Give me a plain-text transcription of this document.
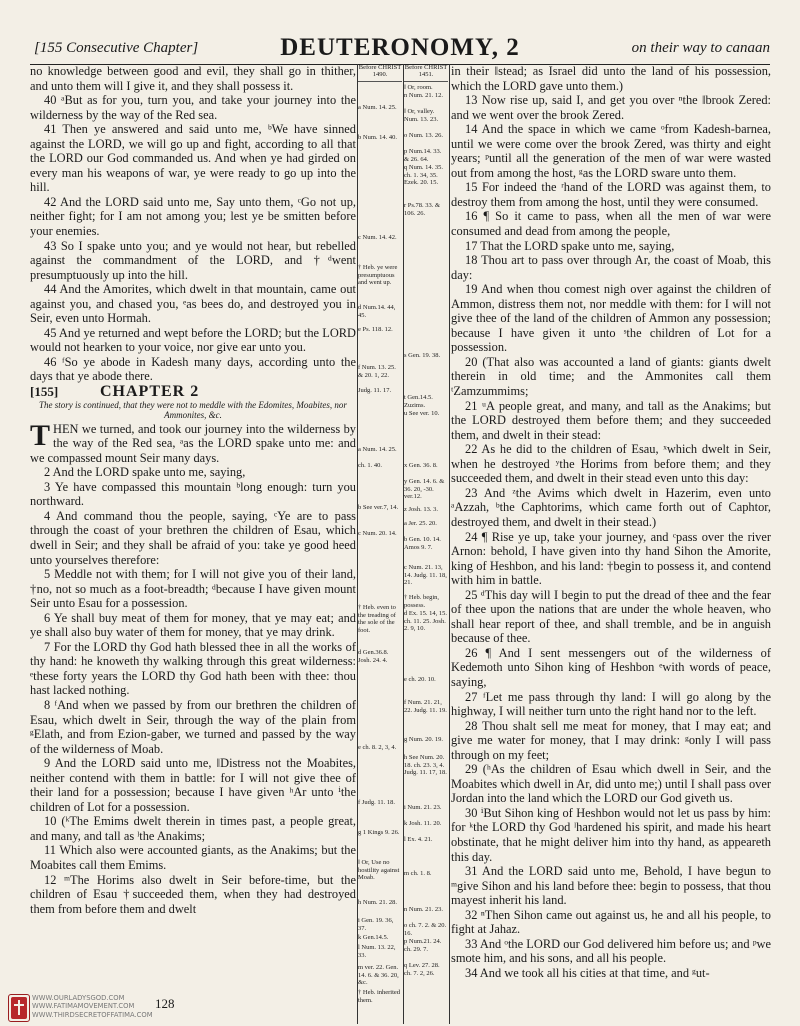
[155 Consecutive Chapter]	DEUTERONOMY, 2	on their way to canaan

no knowledge between good and evil, they shall go in thither, and unto them will I give it, and they shall possess it.

40 ᵃBut as for you, turn you, and take your journey into the wilderness by the way of the Red sea.

41 Then ye answered and said unto me, ᵇWe have sinned against the LORD, we will go up and fight, according to all that the LORD our God commanded us. And when ye had girded on every man his weapons of war, ye were ready to go up into the hill.

42 And the LORD said unto me, Say unto them, ᶜGo not up, neither fight; for I am not among you; lest ye be smitten before your enemies.

43 So I spake unto you; and ye would not hear, but rebelled against the commandment of the LORD, and †ᵈwent presumptuously up into the hill.

44 And the Amorites, which dwelt in that mountain, came out against you, and chased you, ᵉas bees do, and destroyed you in Seir, even unto Hormah.

45 And ye returned and wept before the LORD; but the LORD would not hearken to your voice, nor give ear unto you.

46 ᶠSo ye abode in Kadesh many days, according unto the days that ye abode there.

[155]	CHAPTER 2
The story is continued, that they were not to meddle with the Edomites, Moabites, nor Ammonites, &c.

THEN we turned, and took our journey into the wilderness by the way of the Red sea, ᵃas the LORD spake unto me: and we compassed mount Seir many days.

2 And the LORD spake unto me, saying,

3 Ye have compassed this mountain ᵇlong enough: turn you northward.

4 And command thou the people, saying, ᶜYe are to pass through the coast of your brethren the children of Esau, which dwell in Seir; and they shall be afraid of you: take ye good heed unto yourselves therefore:

5 Meddle not with them; for I will not give you of their land, †no, not so much as a foot-breadth; ᵈbecause I have given mount Seir unto Esau for a possession.

6 Ye shall buy meat of them for money, that ye may eat; and ye shall also buy water of them for money, that ye may drink.

7 For the LORD thy God hath blessed thee in all the works of thy hand: he knoweth thy walking through this great wilderness: ᵉthese forty years the LORD thy God hath been with thee: thou hast lacked nothing.

8 ᶠAnd when we passed by from our brethren the children of Esau, which dwelt in Seir, through the way of the plain from ᵍElath, and from Ezion-gaber, we turned and passed by the way of the wilderness of Moab.

9 And the LORD said unto me, ‖Distress not the Moabites, neither contend with them in battle: for I will not give thee of their land for a possession; because I have given ʰAr unto ⁱthe children of Lot for a possession.

10 (ᵏThe Emims dwelt therein in times past, a people great, and many, and tall as ˡthe Anakims;

11 Which also were accounted giants, as the Anakims; but the Moabites call them Emims.

12 ᵐThe Horims also dwelt in Seir before-time, but the children of Esau †succeeded them, when they had destroyed them from before them and dwelt

Before CHRIST 1490.
a Num. 14. 25.
b Num. 14. 40.
c Num. 14. 42.
† Heb. ye were presumptuous and went up.
d Num.14. 44, 45.
e Ps. 118. 12.
f Num. 13. 25. & 20. 1, 22.
Judg. 11. 17.
a Num. 14. 25.
ch. 1. 40.
b See ver.7, 14.
c Num. 20. 14.
† Heb. even to the treading of the sole of the foot.
d Gen.36.8. Josh. 24. 4.
e ch. 8. 2, 3, 4.
f Judg. 11. 18.
g 1 Kings 9. 26.
‖ Or, Use no hostility against Moab.
h Num. 21. 28.
i Gen. 19. 36, 37.
k Gen.14.5.
l Num. 13. 22, 33.
m ver. 22. Gen. 14. 6. & 36. 20, &c.
† Heb. inherited them.
Before CHRIST 1451.
‖ Or, room.
n Num. 21. 12.
‖ Or, valley.
Num. 13. 23.
o Num. 13. 26.
p Num.14. 33. & 26. 64.
q Num. 14. 35. ch. 1. 34, 35. Ezek. 20. 15.
r Ps.78. 33. & 106. 26.
s Gen. 19. 38.
t Gen.14.5. Zuzims.
u See ver. 10.
x Gen. 36. 8.
y Gen. 14. 6. & 36. 20, -30. ver.12.
z Josh. 13. 3.
a Jer. 25. 20.
b Gen. 10. 14. Amos 9. 7.
c Num. 21. 13, 14. Judg. 11. 18, 21.
† Heb. begin, possess.
d Ex. 15. 14, 15. ch. 11. 25. Josh. 2. 9, 10.
e ch. 20. 10.
f Num. 21. 21, 22. Judg. 11. 19.
g Num. 20. 19.
h See Num. 20. 18. ch. 23. 3, 4. Judg. 11. 17, 18.
i Num. 21. 23.
k Josh. 11. 20.
l Ex. 4. 21.
m ch. 1. 8.
n Num. 21. 23.
o ch. 7. 2. & 20. 16.
p Num.21. 24. ch. 29. 7.
q Lev. 27. 28. ch. 7. 2, 26.

in their ‖stead; as Israel did unto the land of his possession, which the LORD gave unto them.)

13 Now rise up, said I, and get you over ⁿthe ‖brook Zered: and we went over the brook Zered.

14 And the space in which we came ᵒfrom Kadesh-barnea, until we were come over the brook Zered, was thirty and eight years; ᵖuntil all the generation of the men of war were wasted out from among the host, ᵍas the LORD sware unto them.

15 For indeed the ʳhand of the LORD was against them, to destroy them from among the host, until they were consumed.

16 ¶ So it came to pass, when all the men of war were consumed and dead from among the people,

17 That the LORD spake unto me, saying,

18 Thou art to pass over through Ar, the coast of Moab, this day:

19 And when thou comest nigh over against the children of Ammon, distress them not, nor meddle with them: for I will not give thee of the land of the children of Ammon any possession; because I have given it unto ˢthe children of Lot for a possession.

20 (That also was accounted a land of giants: giants dwelt therein in old time; and the Ammonites call them ᵗZamzummims;

21 ᵘA people great, and many, and tall as the Anakims; but the LORD destroyed them before them; and they succeeded them, and dwelt in their stead:

22 As he did to the children of Esau, ˣwhich dwelt in Seir, when he destroyed ʸthe Horims from before them; and they succeeded them, and dwelt in their stead even unto this day:

23 And ᶻthe Avims which dwelt in Hazerim, even unto ᵃAzzah, ᵇthe Caphtorims, which came forth out of Caphtor, destroyed them, and dwelt in their stead.)

24 ¶ Rise ye up, take your journey, and ᶜpass over the river Arnon: behold, I have given into thy hand Sihon the Amorite, king of Heshbon, and his land: †begin to possess it, and contend with him in battle.

25 ᵈThis day will I begin to put the dread of thee and the fear of thee upon the nations that are under the whole heaven, who shall hear report of thee, and shall tremble, and be in anguish because of thee.

26 ¶ And I sent messengers out of the wilderness of Kedemoth unto Sihon king of Heshbon ᵉwith words of peace, saying,

27 ᶠLet me pass through thy land: I will go along by the highway, I will neither turn unto the right hand nor to the left.

28 Thou shalt sell me meat for money, that I may eat; and give me water for money, that I may drink: ᵍonly I will pass through on my feet;

29 (ʰAs the children of Esau which dwell in Seir, and the Moabites which dwell in Ar, did unto me;) until I shall pass over Jordan into the land which the LORD our God giveth us.

30 ⁱBut Sihon king of Heshbon would not let us pass by him: for ᵏthe LORD thy God ˡhardened his spirit, and made his heart obstinate, that he might deliver him into thy hand, as appeareth this day.

31 And the LORD said unto me, Behold, I have begun to ᵐgive Sihon and his land before thee: begin to possess, that thou mayest inherit his land.

32 ⁿThen Sihon came out against us, he and all his people, to fight at Jahaz.

33 And ᵒthe LORD our God delivered him before us; and ᵖwe smote him, and his sons, and all his people.

34 And we took all his cities at that time, and ᵍut-

WWW.OURLADYSGOD.COM
WWW.FATIMAMOVEMENT.COM
WWW.THIRDSECRETOFFATIMA.COM
128
